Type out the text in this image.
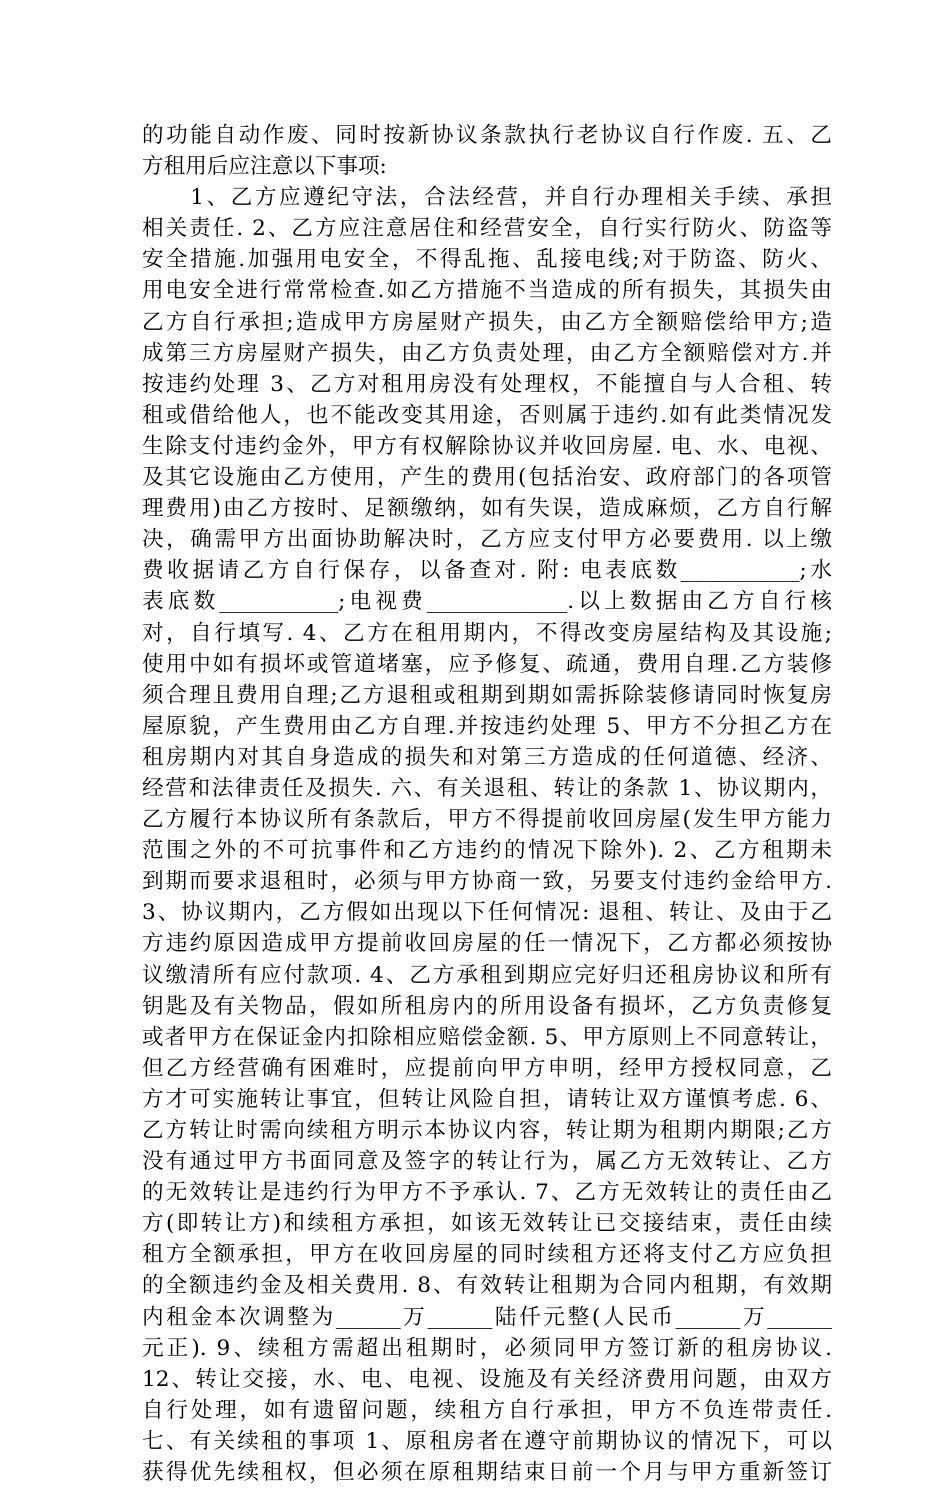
的功能自动作废、同时按新协议条款执行老协议自行作废. 五、乙
方租用后应注意以下事项:
　　1、乙方应遵纪守法，合法经营，并自行办理相关手续、承担
相关责任. 2、乙方应注意居住和经营安全，自行实行防火、防盗等
安全措施.加强用电安全，不得乱拖、乱接电线;对于防盗、防火、
用电安全进行常常检查.如乙方措施不当造成的所有损失，其损失由
乙方自行承担;造成甲方房屋财产损失，由乙方全额赔偿给甲方;造
成第三方房屋财产损失，由乙方负责处理，由乙方全额赔偿对方.并
按违约处理 3、乙方对租用房没有处理权，不能擅自与人合租、转
租或借给他人，也不能改变其用途，否则属于违约.如有此类情况发
生除支付违约金外，甲方有权解除协议并收回房屋. 电、水、电视、
及其它设施由乙方使用，产生的费用(包括治安、政府部门的各项管
理费用)由乙方按时、足额缴纳，如有失误，造成麻烦，乙方自行解
决，确需甲方出面协助解决时，乙方应支付甲方必要费用. 以上缴
费收据请乙方自行保存，以备查对. 附: 电表底数___________;水
表底数___________;电视费_____________.以上数据由乙方自行核
对，自行填写. 4、乙方在租用期内，不得改变房屋结构及其设施;
使用中如有损坏或管道堵塞，应予修复、疏通，费用自理.乙方装修
须合理且费用自理;乙方退租或租期到期如需拆除装修请同时恢复房
屋原貌，产生费用由乙方自理.并按违约处理 5、甲方不分担乙方在
租房期内对其自身造成的损失和对第三方造成的任何道德、经济、
经营和法律责任及损失. 六、有关退租、转让的条款 1、协议期内，
乙方履行本协议所有条款后，甲方不得提前收回房屋(发生甲方能力
范围之外的不可抗事件和乙方违约的情况下除外). 2、乙方租期未
到期而要求退租时，必须与甲方协商一致，另要支付违约金给甲方.
3、协议期内，乙方假如出现以下任何情况: 退租、转让、及由于乙
方违约原因造成甲方提前收回房屋的任一情况下，乙方都必须按协
议缴清所有应付款项. 4、乙方承租到期应完好归还租房协议和所有
钥匙及有关物品，假如所租房内的所用设备有损坏，乙方负责修复
或者甲方在保证金内扣除相应赔偿金额. 5、甲方原则上不同意转让，
但乙方经营确有困难时，应提前向甲方申明，经甲方授权同意，乙
方才可实施转让事宜，但转让风险自担，请转让双方谨慎考虑. 6、
乙方转让时需向续租方明示本协议内容，转让期为租期内期限;乙方
没有通过甲方书面同意及签字的转让行为，属乙方无效转让、乙方
的无效转让是违约行为甲方不予承认. 7、乙方无效转让的责任由乙
方(即转让方)和续租方承担，如该无效转让已交接结束，责任由续
租方全额承担，甲方在收回房屋的同时续租方还将支付乙方应负担
的全额违约金及相关费用. 8、有效转让租期为合同内租期，有效期
内租金本次调整为______万______陆仟元整(人民币______万______
元正). 9、续租方需超出租期时，必须同甲方签订新的租房协议.
12、转让交接，水、电、电视、设施及有关经济费用问题，由双方
自行处理，如有遗留问题，续租方自行承担，甲方不负连带责任.
七、有关续租的事项 1、原租房者在遵守前期协议的情况下，可以
获得优先续租权，但必须在原租期结束日前一个月与甲方重新签订
